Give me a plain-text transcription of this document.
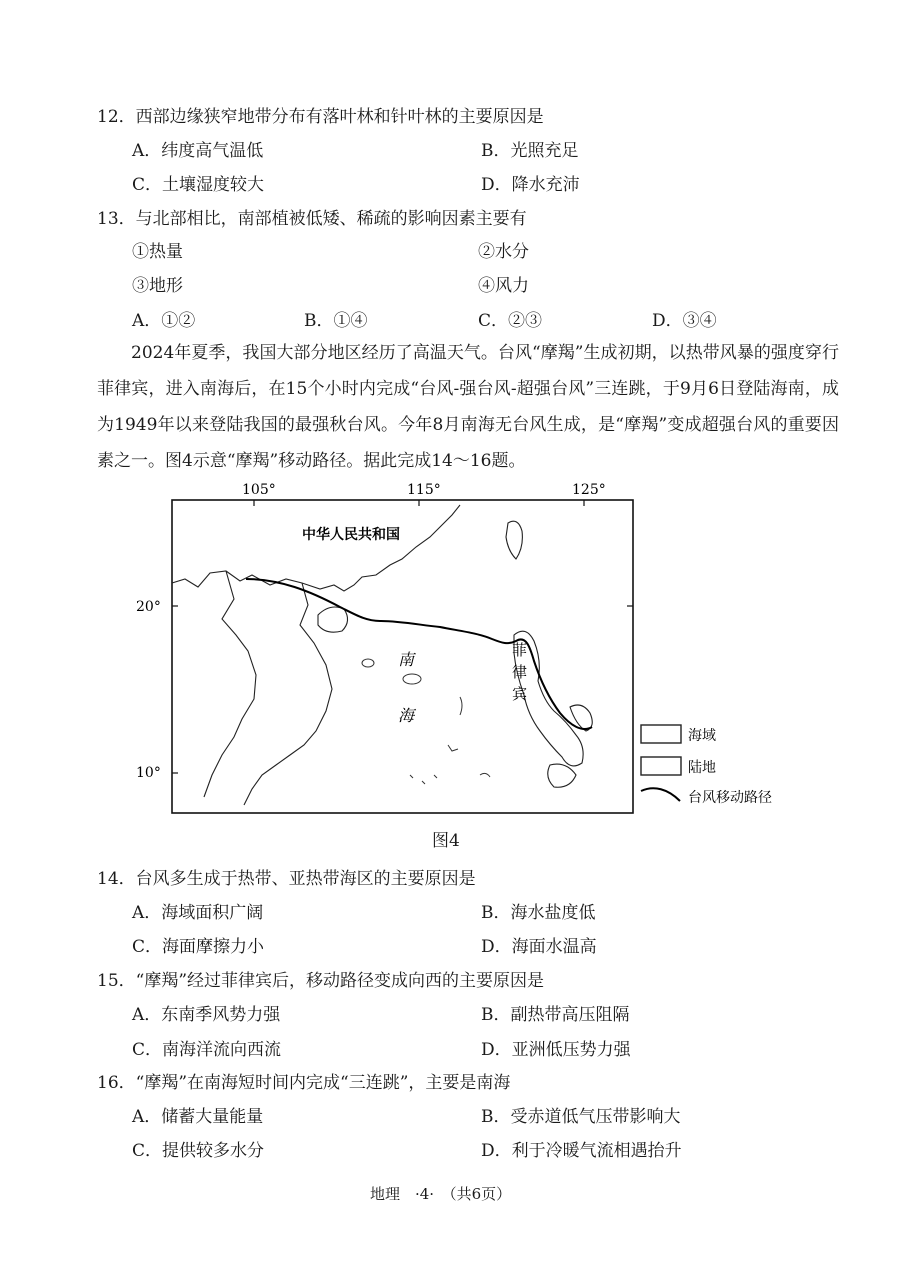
12．西部边缘狭窄地带分布有落叶林和针叶林的主要原因是
A．纬度高气温低	B．光照充足
C．土壤湿度较大	D．降水充沛
13．与北部相比，南部植被低矮、稀疏的影响因素主要有
①热量	②水分
③地形	④风力
A．①②	B．①④	C．②③	D．③④
2024年夏季，我国大部分地区经历了高温天气。台风“摩羯”生成初期，以热带风暴的强度穿行菲律宾，进入南海后，在15个小时内完成“台风-强台风-超强台风”三连跳，于9月6日登陆海南，成为1949年以来登陆我国的最强秋台风。今年8月南海无台风生成，是“摩羯”变成超强台风的重要因素之一。图4示意“摩羯”移动路径。据此完成14～16题。
105°	115°	125°
20°
10°
中华人民共和国
南
海
菲
律
宾
海域
陆地
台风移动路径
图4
14．台风多生成于热带、亚热带海区的主要原因是
A．海域面积广阔	B．海水盐度低
C．海面摩擦力小	D．海面水温高
15．“摩羯”经过菲律宾后，移动路径变成向西的主要原因是
A．东南季风势力强	B．副热带高压阻隔
C．南海洋流向西流	D．亚洲低压势力强
16．“摩羯”在南海短时间内完成“三连跳”，主要是南海
A．储蓄大量能量	B．受赤道低气压带影响大
C．提供较多水分	D．利于冷暖气流相遇抬升
地理　·4·　（共6页）
